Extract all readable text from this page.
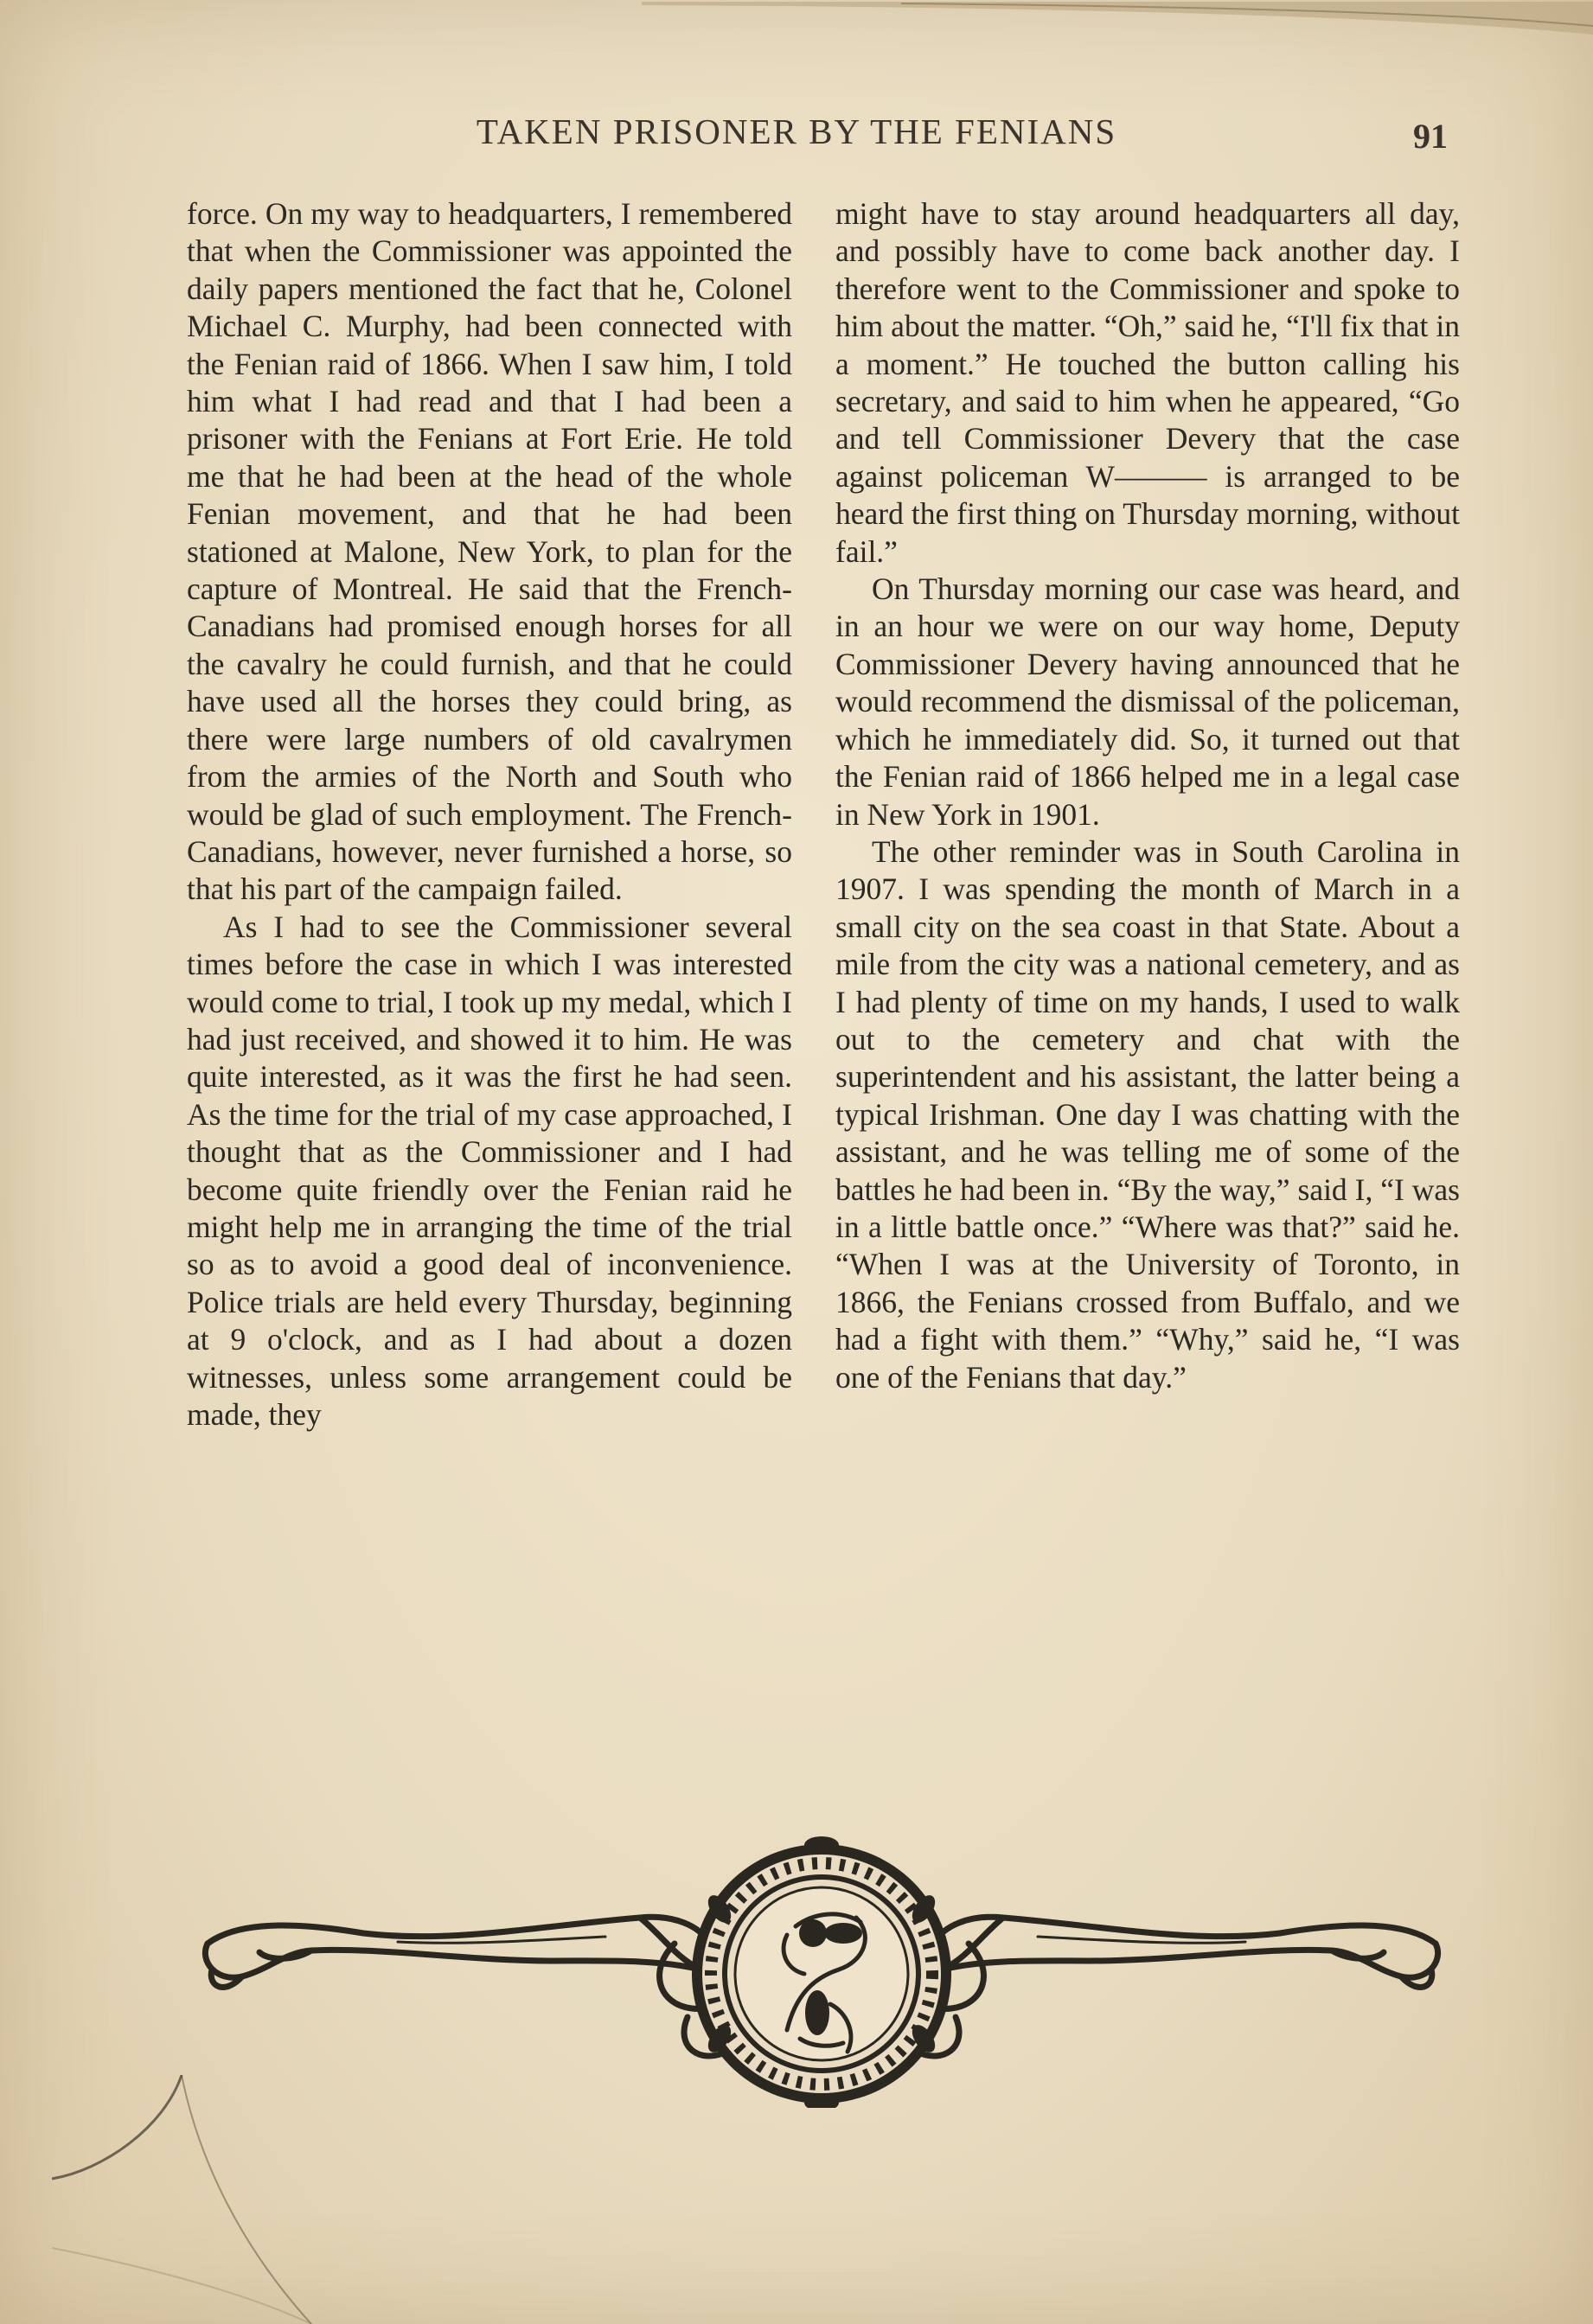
TAKEN PRISONER BY THE FENIANS	91

force. On my way to headquarters, I remembered that when the Commissioner was appointed the daily papers mentioned the fact that he, Colonel Michael C. Murphy, had been connected with the Fenian raid of 1866. When I saw him, I told him what I had read and that I had been a prisoner with the Fenians at Fort Erie. He told me that he had been at the head of the whole Fenian movement, and that he had been stationed at Malone, New York, to plan for the capture of Montreal. He said that the French-Canadians had promised enough horses for all the cavalry he could furnish, and that he could have used all the horses they could bring, as there were large numbers of old cavalrymen from the armies of the North and South who would be glad of such employment. The French-Canadians, however, never furnished a horse, so that his part of the campaign failed.

As I had to see the Commissioner several times before the case in which I was interested would come to trial, I took up my medal, which I had just received, and showed it to him. He was quite interested, as it was the first he had seen. As the time for the trial of my case approached, I thought that as the Commissioner and I had become quite friendly over the Fenian raid he might help me in arranging the time of the trial so as to avoid a good deal of inconvenience. Police trials are held every Thursday, beginning at 9 o'clock, and as I had about a dozen witnesses, unless some arrangement could be made, they

might have to stay around headquarters all day, and possibly have to come back another day. I therefore went to the Commissioner and spoke to him about the matter. “Oh,” said he, “I'll fix that in a moment.” He touched the button calling his secretary, and said to him when he appeared, “Go and tell Commissioner Devery that the case against policeman W——— is arranged to be heard the first thing on Thursday morning, without fail.”

On Thursday morning our case was heard, and in an hour we were on our way home, Deputy Commissioner Devery having announced that he would recommend the dismissal of the policeman, which he immediately did. So, it turned out that the Fenian raid of 1866 helped me in a legal case in New York in 1901.

The other reminder was in South Carolina in 1907. I was spending the month of March in a small city on the sea coast in that State. About a mile from the city was a national cemetery, and as I had plenty of time on my hands, I used to walk out to the cemetery and chat with the superintendent and his assistant, the latter being a typical Irishman. One day I was chatting with the assistant, and he was telling me of some of the battles he had been in. “By the way,” said I, “I was in a little battle once.” “Where was that?” said he. “When I was at the University of Toronto, in 1866, the Fenians crossed from Buffalo, and we had a fight with them.” “Why,” said he, “I was one of the Fenians that day.”
